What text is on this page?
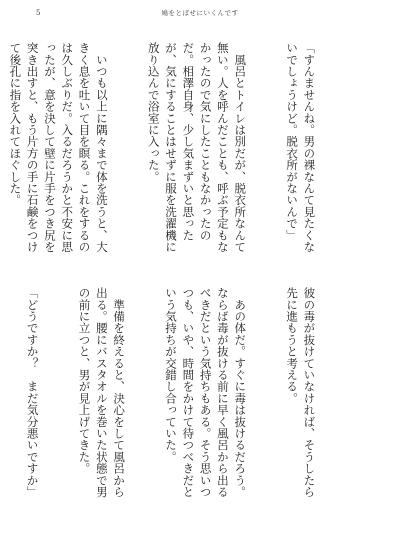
5	鳩をとばせにいくんです

「すんませんね。男の裸なんて見たくないでしょうけど。脱衣所がないんで」

　風呂とトイレは別だが、脱衣所なんて無い。人を呼んだことも、呼ぶ予定もなかったので気にしたこともなかったのだ。相澤自身、少し気まずいと思ったが、気にすることはせずに服を洗濯機に放り込んで浴室に入った。

　いつも以上に隅々まで体を洗うと、大きく息を吐いて目を瞑る。これをするのは久しぶりだ。入るだろうかと不安に思ったが、意を決して壁に片手をつき尻を突き出すと、もう片方の手に石鹸をつけて後孔に指を入れてほぐした。

彼の毒が抜けていなければ、そうしたら先に進もうと考える。

　あの体だ。すぐに毒は抜けるだろう。ならば毒が抜ける前に早く風呂から出るべきだという気持ちもある。そう思いつつも、いや、時間をかけて待つべきだという気持ちが交錯し合っていた。

　準備を終えると、決心をして風呂から出る。腰にバスタオルを巻いた状態で男の前に立つと、男が見上げてきた。

「どうですか？　まだ気分悪いですか」
